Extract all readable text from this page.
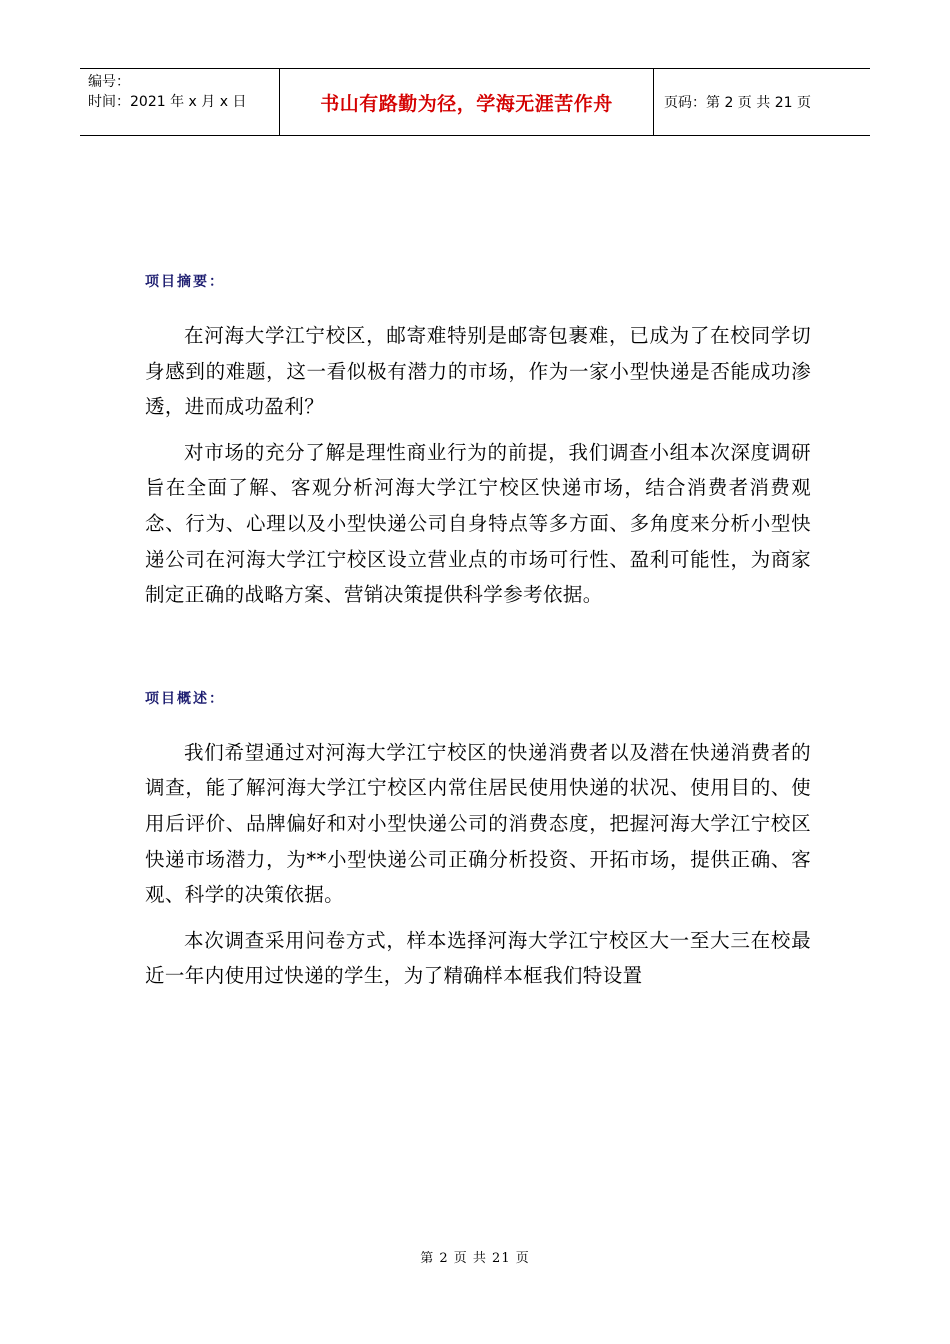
编号：
时间：2021 年 x 月 x 日	书山有路勤为径，学海无涯苦作舟	页码：第 2 页 共 21 页
项目摘要：

在河海大学江宁校区，邮寄难特别是邮寄包裹难，已成为了在校同学切身感到的难题，这一看似极有潜力的市场，作为一家小型快递是否能成功渗透，进而成功盈利？

对市场的充分了解是理性商业行为的前提，我们调查小组本次深度调研旨在全面了解、客观分析河海大学江宁校区快递市场，结合消费者消费观念、行为、心理以及小型快递公司自身特点等多方面、多角度来分析小型快递公司在河海大学江宁校区设立营业点的市场可行性、盈利可能性，为商家制定正确的战略方案、营销决策提供科学参考依据。

项目概述：

我们希望通过对河海大学江宁校区的快递消费者以及潜在快递消费者的调查，能了解河海大学江宁校区内常住居民使用快递的状况、使用目的、使用后评价、品牌偏好和对小型快递公司的消费态度，把握河海大学江宁校区快递市场潜力，为**小型快递公司正确分析投资、开拓市场，提供正确、客观、科学的决策依据。

本次调查采用问卷方式，样本选择河海大学江宁校区大一至大三在校最近一年内使用过快递的学生，为了精确样本框我们特设置

第 2 页 共 21 页
